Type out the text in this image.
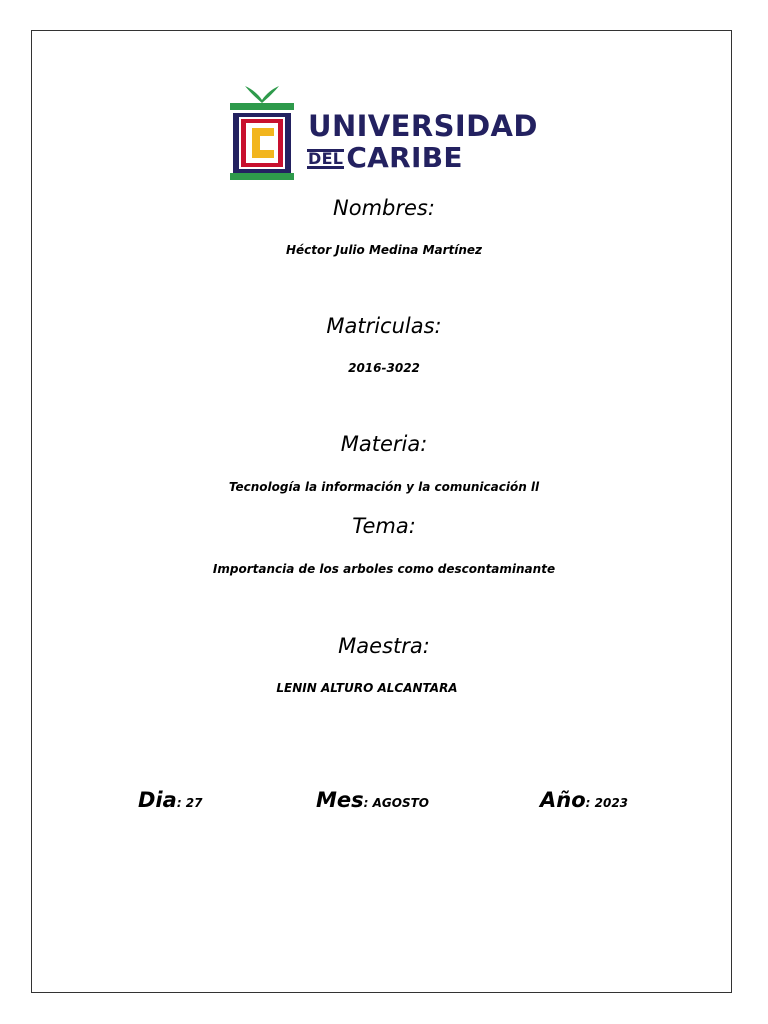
UNIVERSIDAD
DEL CARIBE
Nombres:
Héctor Julio Medina Martínez
Matriculas:
2016-3022
Materia:
Tecnología la información y la comunicación ll
Tema:
Importancia de los arboles como descontaminante
Maestra:
LENIN ALTURO ALCANTARA
Dia: 27	Mes: AGOSTO	Año: 2023
